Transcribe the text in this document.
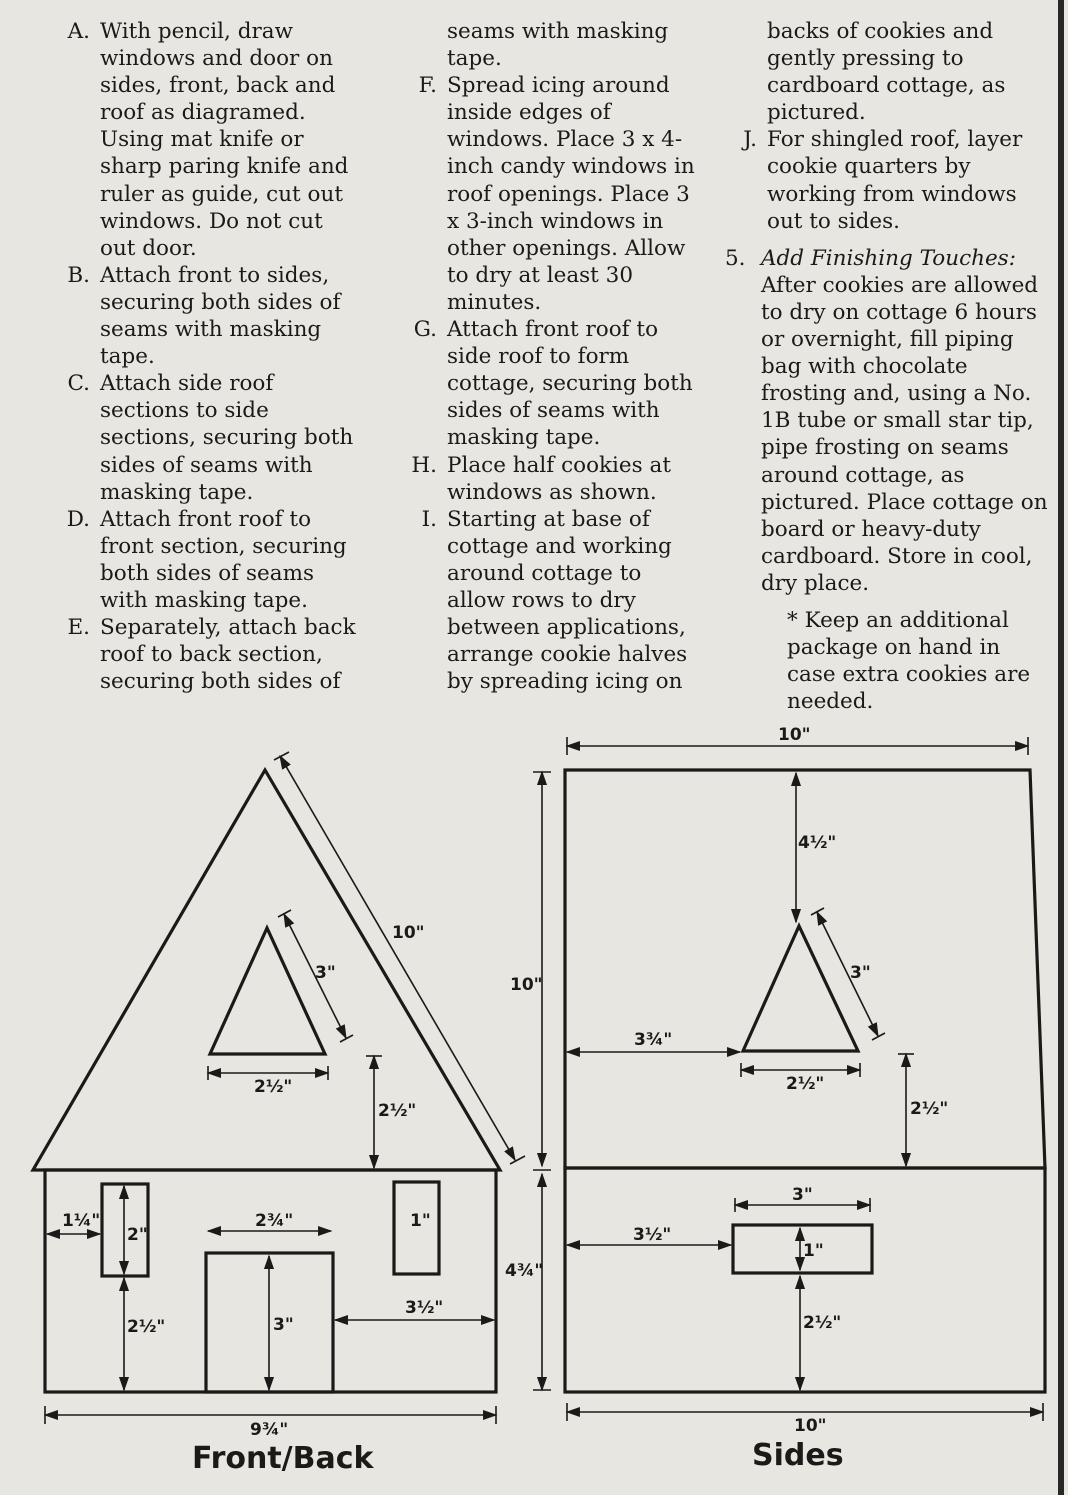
A. With pencil, draw windows and door on sides, front, back and roof as diagramed. Using mat knife or sharp paring knife and ruler as guide, cut out windows. Do not cut out door.
B. Attach front to sides, securing both sides of seams with masking tape.
C. Attach side roof sections to side sections, securing both sides of seams with masking tape.
D. Attach front roof to front section, securing both sides of seams with masking tape.
E. Separately, attach back roof to back section, securing both sides of
seams with masking tape.
F. Spread icing around inside edges of windows. Place 3 x 4-inch candy windows in roof openings. Place 3 x 3-inch windows in other openings. Allow to dry at least 30 minutes.
G. Attach front roof to side roof to form cottage, securing both sides of seams with masking tape.
H. Place half cookies at windows as shown.
I. Starting at base of cottage and working around cottage to allow rows to dry between applications, arrange cookie halves by spreading icing on
backs of cookies and gently pressing to cardboard cottage, as pictured.
J. For shingled roof, layer cookie quarters by working from windows out to sides.
5. Add Finishing Touches: After cookies are allowed to dry on cottage 6 hours or overnight, fill piping bag with chocolate frosting and, using a No. 1B tube or small star tip, pipe frosting on seams around cottage, as pictured. Place cottage on board or heavy-duty cardboard. Store in cool, dry place.
* Keep an additional package on hand in case extra cookies are needed.
10"
3"
2½"
2½"
1¼"
2"
2½"
2¾"
3"
1"
3½"
9¾"
Front/Back
10"
4¾"
10"
4½"
3"
3¾"
2½"
2½"
3"
3½"
1"
2½"
10"
Sides
